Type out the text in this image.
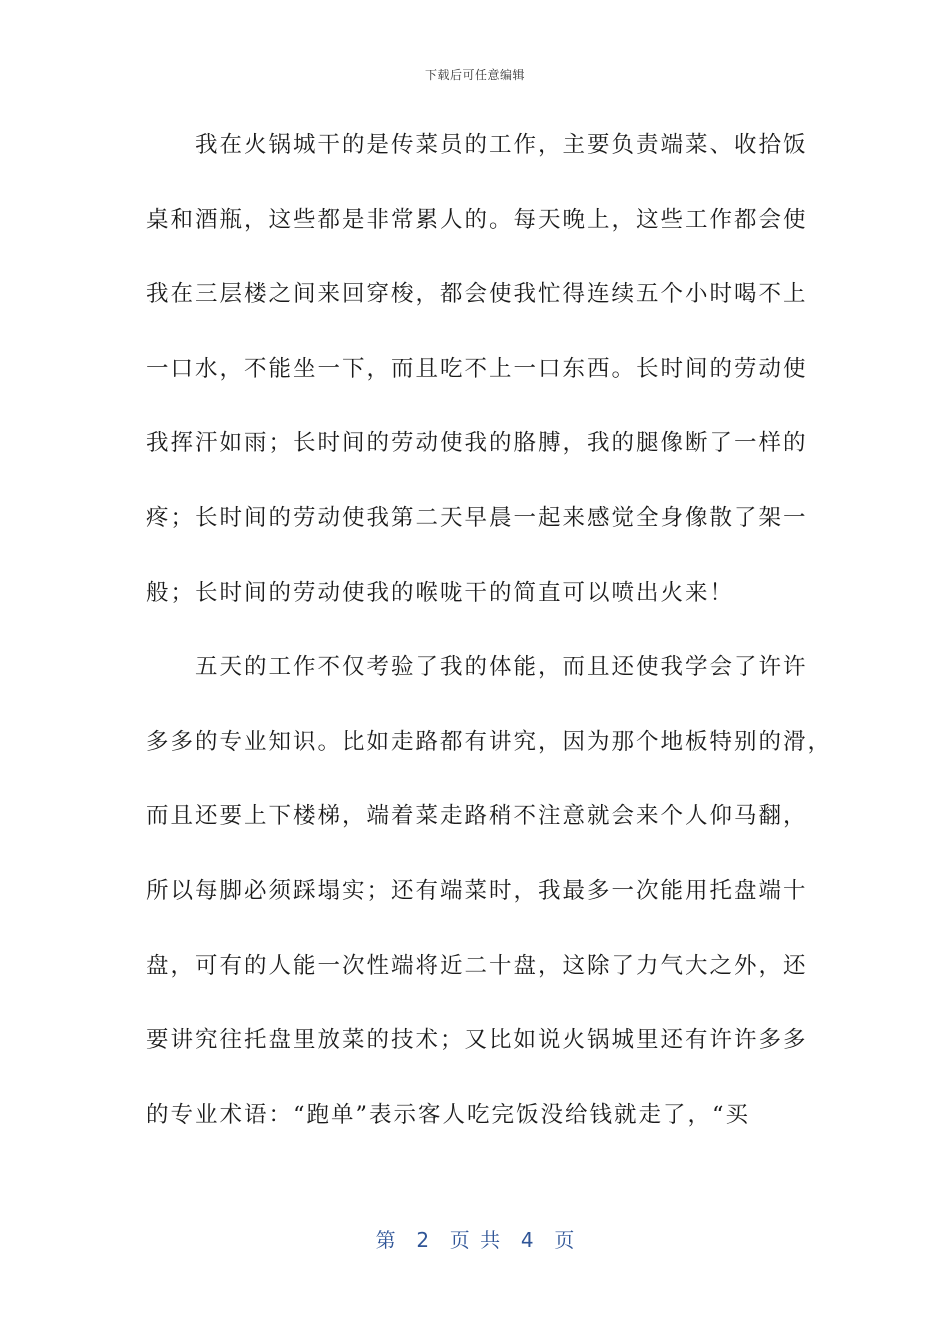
下载后可任意编辑
　　我在火锅城干的是传菜员的工作，主要负责端菜、收拾饭
桌和酒瓶，这些都是非常累人的。每天晚上，这些工作都会使
我在三层楼之间来回穿梭，都会使我忙得连续五个小时喝不上
一口水，不能坐一下，而且吃不上一口东西。长时间的劳动使
我挥汗如雨；长时间的劳动使我的胳膊，我的腿像断了一样的
疼；长时间的劳动使我第二天早晨一起来感觉全身像散了架一
般；长时间的劳动使我的喉咙干的简直可以喷出火来！
　　五天的工作不仅考验了我的体能，而且还使我学会了许许
多多的专业知识。比如走路都有讲究，因为那个地板特别的滑，
而且还要上下楼梯，端着菜走路稍不注意就会来个人仰马翻，
所以每脚必须踩塌实；还有端菜时，我最多一次能用托盘端十
盘，可有的人能一次性端将近二十盘，这除了力气大之外，还
要讲究往托盘里放菜的技术；又比如说火锅城里还有许许多多
的专业术语：“跑单”表示客人吃完饭没给钱就走了，“买
第  2  页 共  4  页
